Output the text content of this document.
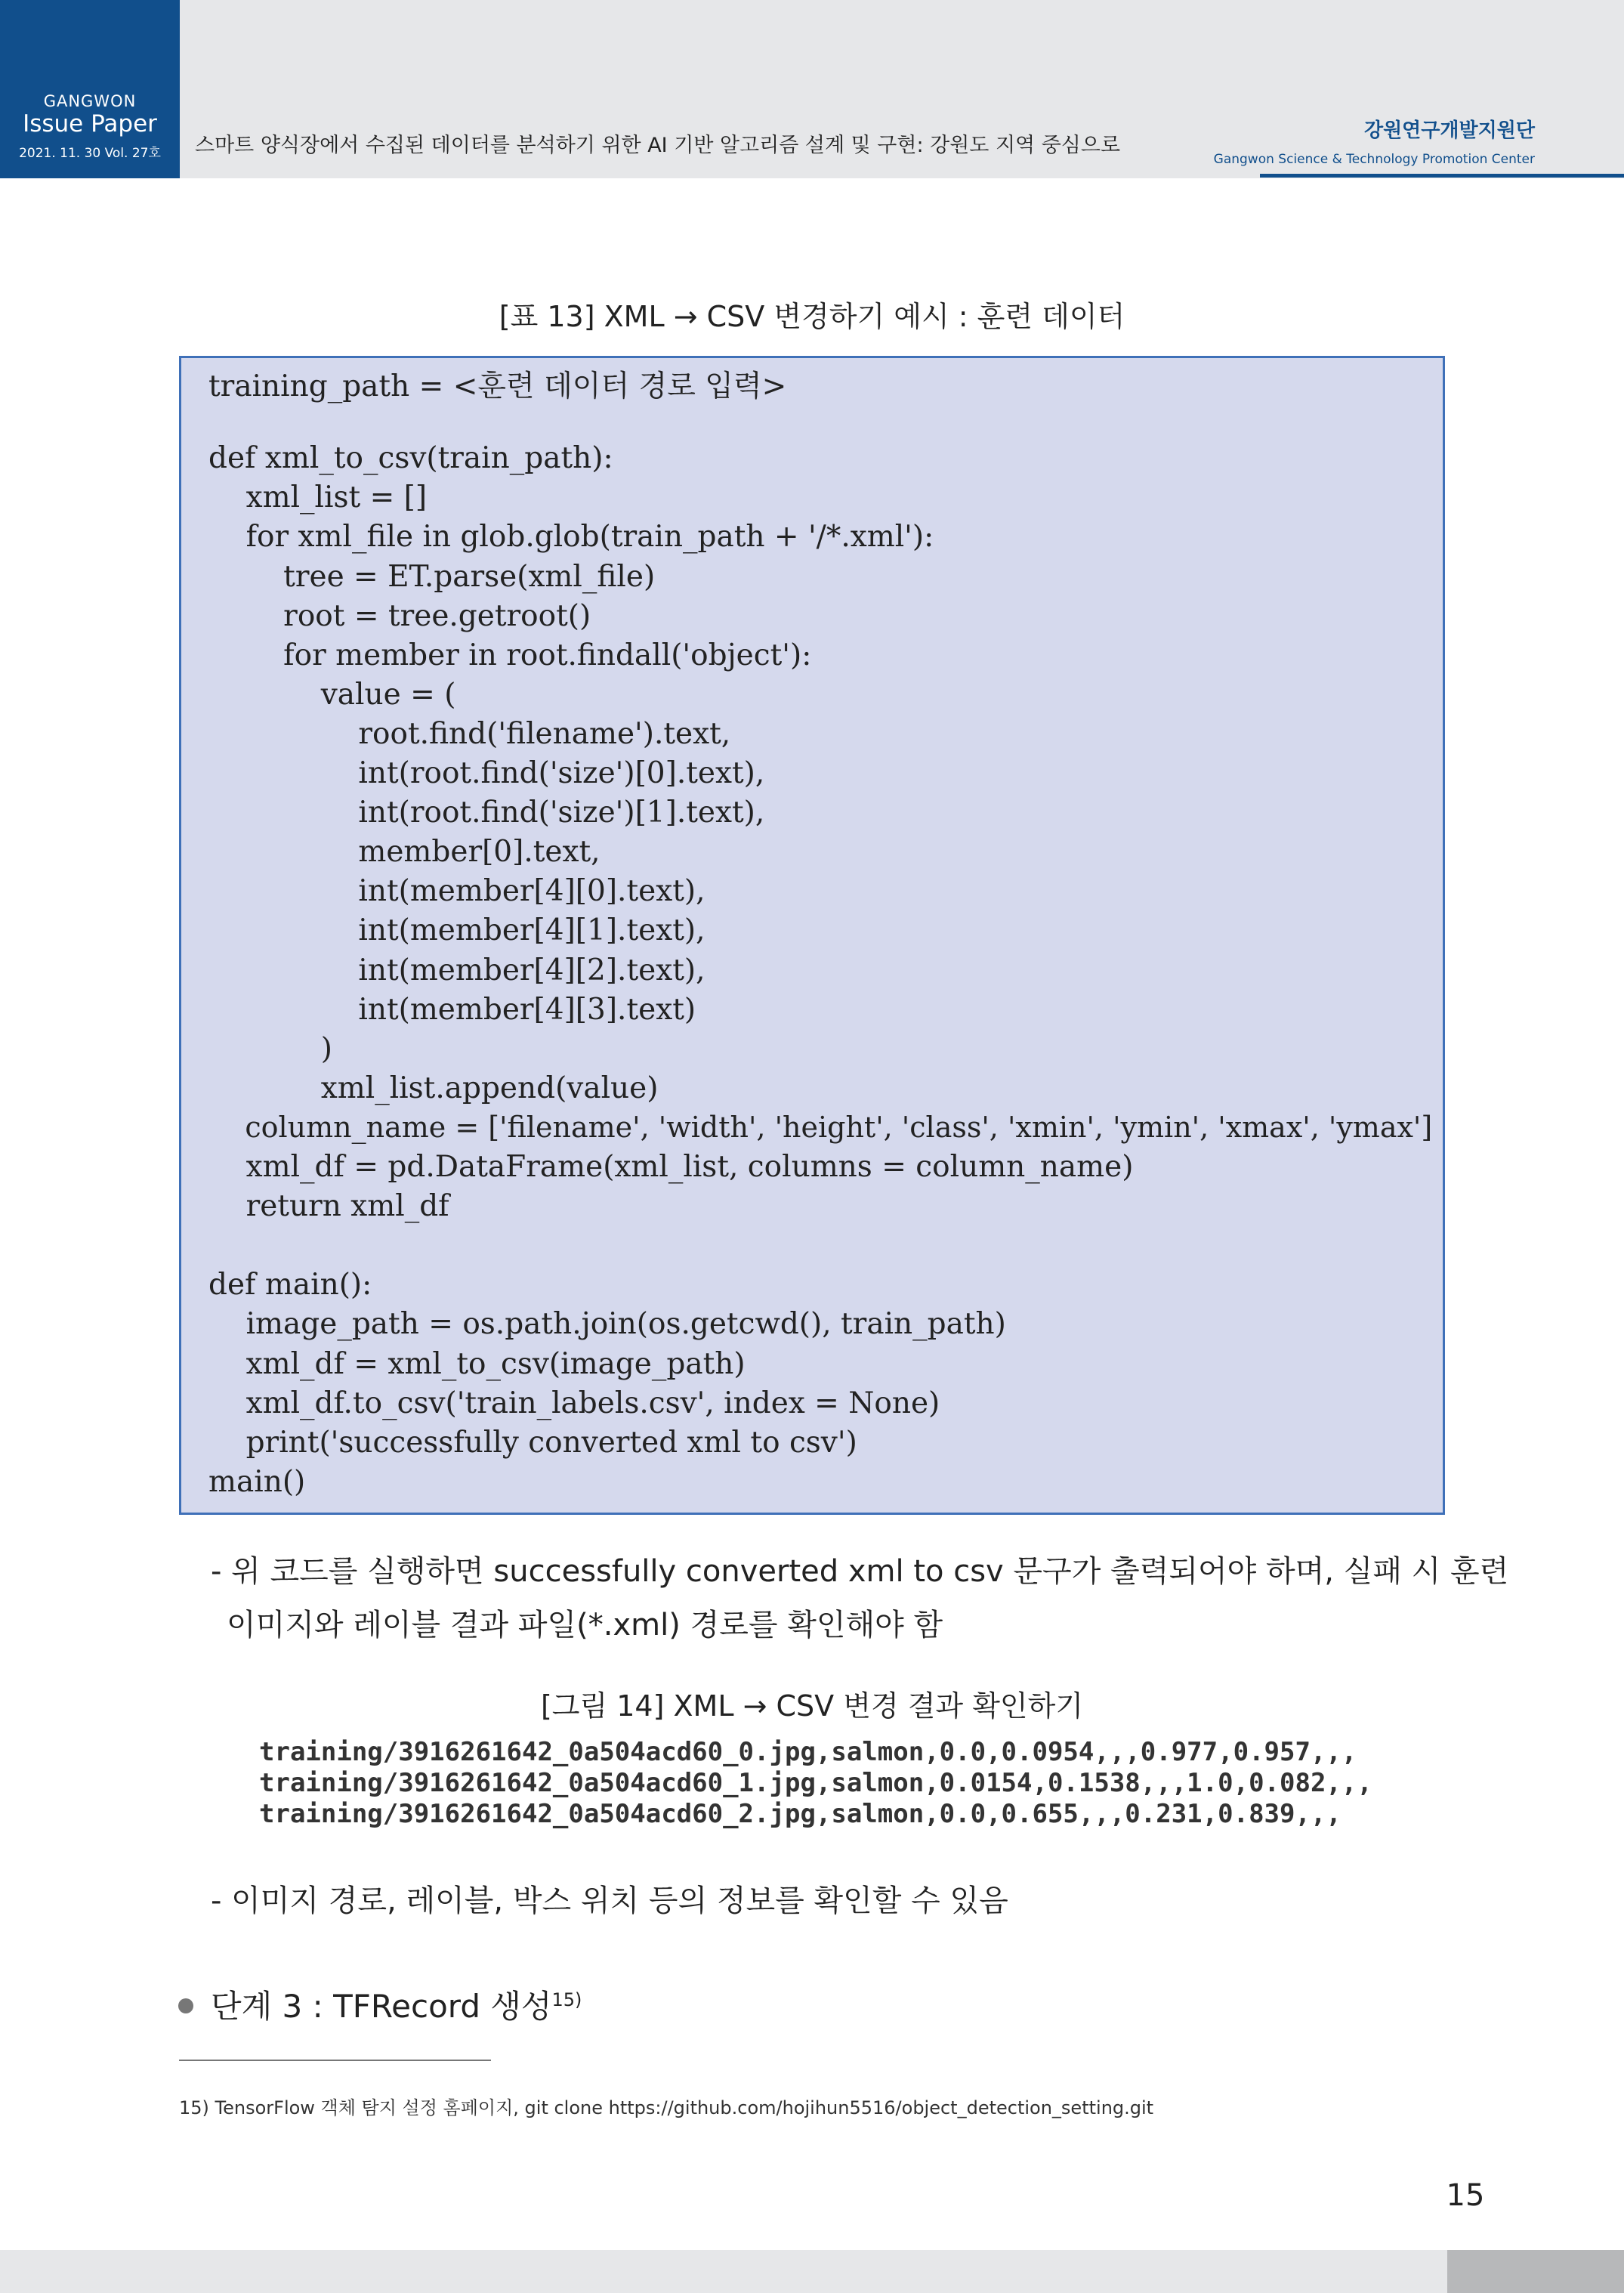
GANGWON
Issue Paper
2021. 11. 30 Vol. 27호	스마트 양식장에서 수집된 데이터를 분석하기 위한 AI 기반 알고리즘 설계 및 구현: 강원도 지역 중심으로
강원연구개발지원단
Gangwon Science & Technology Promotion Center
[표 13] XML → CSV 변경하기 예시 : 훈련 데이터
training_path = <훈련 데이터 경로 입력>
def xml_to_csv(train_path):
xml_list = []
for xml_file in glob.glob(train_path + '/*.xml'):
tree = ET.parse(xml_file)
root = tree.getroot()
for member in root.findall('object'):
value = (
root.find('filename').text,
int(root.find('size')[0].text),
int(root.find('size')[1].text),
member[0].text,
int(member[4][0].text),
int(member[4][1].text),
int(member[4][2].text),
int(member[4][3].text)
)
xml_list.append(value)
column_name = ['filename', 'width', 'height', 'class', 'xmin', 'ymin', 'xmax', 'ymax']
xml_df = pd.DataFrame(xml_list, columns = column_name)
return xml_df
def main():
image_path = os.path.join(os.getcwd(), train_path)
xml_df = xml_to_csv(image_path)
xml_df.to_csv('train_labels.csv', index = None)
print('successfully converted xml to csv')
main()
- 위 코드를 실행하면 successfully converted xml to csv 문구가 출력되어야 하며, 실패 시 훈련
이미지와 레이블 결과 파일(*.xml) 경로를 확인해야 함
[그림 14] XML → CSV 변경 결과 확인하기
training/3916261642_0a504acd60_0.jpg,salmon,0.0,0.0954,,,0.977,0.957,,,
training/3916261642_0a504acd60_1.jpg,salmon,0.0154,0.1538,,,1.0,0.082,,,
training/3916261642_0a504acd60_2.jpg,salmon,0.0,0.655,,,0.231,0.839,,,
- 이미지 경로, 레이블, 박스 위치 등의 정보를 확인할 수 있음
단계 3 : TFRecord 생성$^{15)}$
15) TensorFlow 객체 탐지 설정 홈페이지, git clone https://github.com/hojihun5516/object_detection_setting.git
15
